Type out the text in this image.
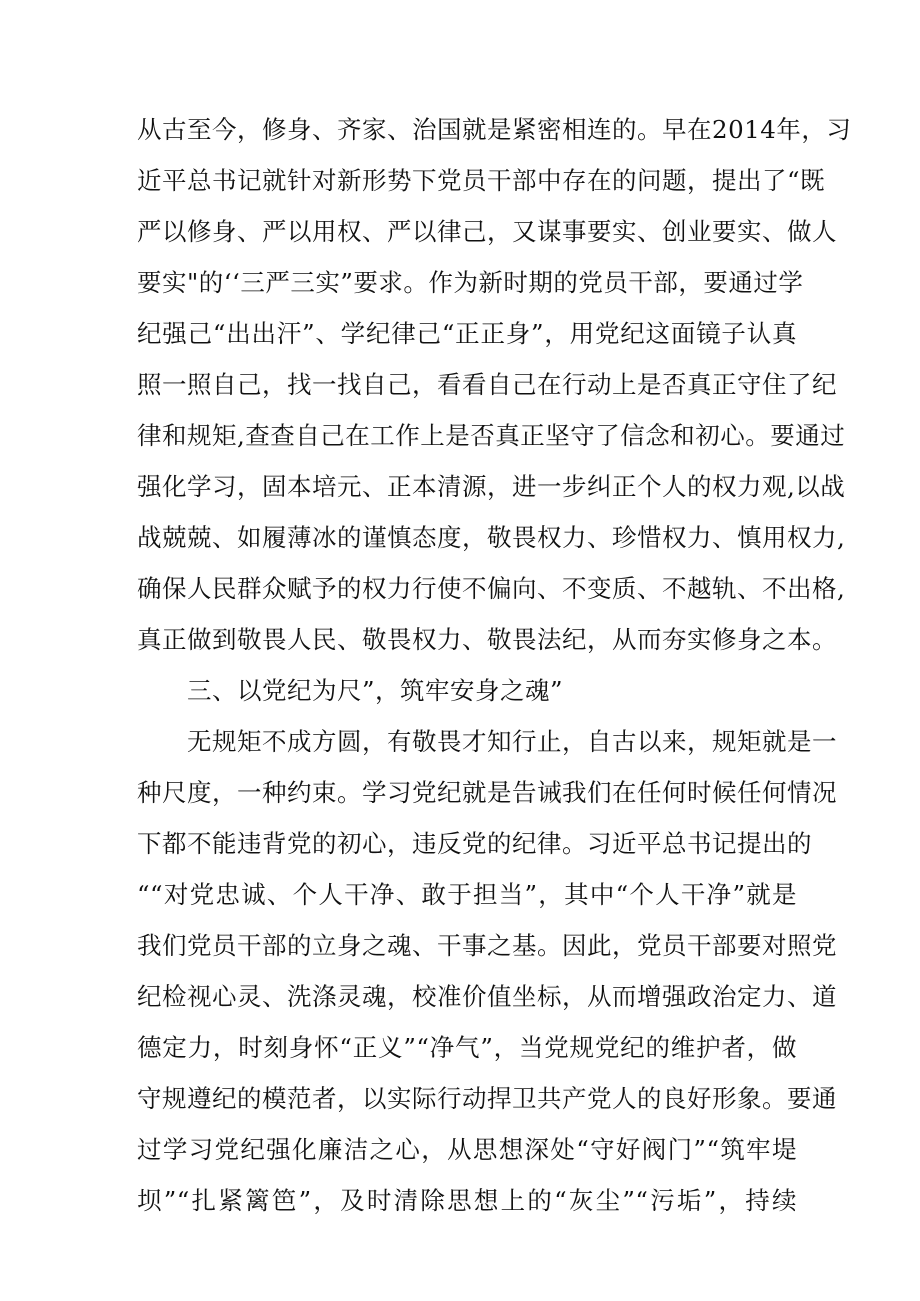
从古至今，修身、齐家、治国就是紧密相连的。早在2014年，习
近平总书记就针对新形势下党员干部中存在的问题，提出了“既
严以修身、严以用权、严以律己，又谋事要实、创业要实、做人
要实"的‘‘三严三实”要求。作为新时期的党员干部，要通过学
纪强己“出出汗”、学纪律己“正正身”，用党纪这面镜子认真
照一照自己，找一找自己，看看自己在行动上是否真正守住了纪
律和规矩,查查自己在工作上是否真正坚守了信念和初心。要通过
强化学习，固本培元、正本清源，进一步纠正个人的权力观,以战
战兢兢、如履薄冰的谨慎态度，敬畏权力、珍惜权力、慎用权力,
确保人民群众赋予的权力行使不偏向、不变质、不越轨、不出格,
真正做到敬畏人民、敬畏权力、敬畏法纪，从而夯实修身之本。
三、以党纪为尺”，筑牢安身之魂”
无规矩不成方圆，有敬畏才知行止，自古以来，规矩就是一
种尺度，一种约束。学习党纪就是告诫我们在任何时候任何情况
下都不能违背党的初心，违反党的纪律。习近平总书记提出的
““对党忠诚、个人干净、敢于担当”，其中“个人干净”就是
我们党员干部的立身之魂、干事之基。因此，党员干部要对照党
纪检视心灵、洗涤灵魂，校准价值坐标，从而增强政治定力、道
德定力，时刻身怀“正义”“净气”，当党规党纪的维护者，做
守规遵纪的模范者，以实际行动捍卫共产党人的良好形象。要通
过学习党纪强化廉洁之心，从思想深处“守好阀门”“筑牢堤
坝”“扎紧篱笆”，及时清除思想上的“灰尘”“污垢”，持续
